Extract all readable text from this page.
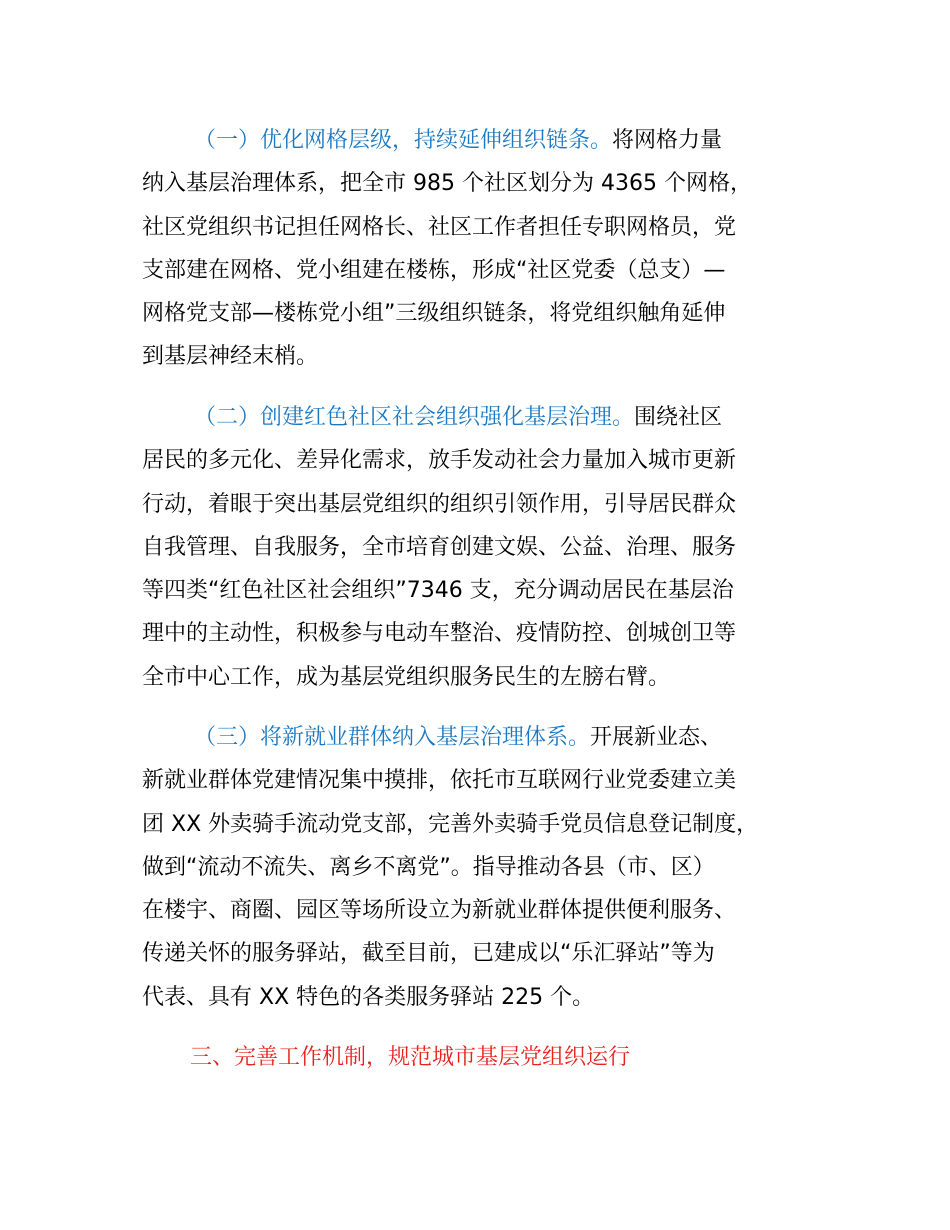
（一）优化网格层级，持续延伸组织链条。将网格力量
纳入基层治理体系，把全市 985 个社区划分为 4365 个网格，
社区党组织书记担任网格长、社区工作者担任专职网格员，党
支部建在网格、党小组建在楼栋，形成“社区党委（总支）—
网格党支部—楼栋党小组”三级组织链条，将党组织触角延伸
到基层神经末梢。
（二）创建红色社区社会组织强化基层治理。围绕社区
居民的多元化、差异化需求，放手发动社会力量加入城市更新
行动，着眼于突出基层党组织的组织引领作用，引导居民群众
自我管理、自我服务，全市培育创建文娱、公益、治理、服务
等四类“红色社区社会组织”7346 支，充分调动居民在基层治
理中的主动性，积极参与电动车整治、疫情防控、创城创卫等
全市中心工作，成为基层党组织服务民生的左膀右臂。
（三）将新就业群体纳入基层治理体系。开展新业态、
新就业群体党建情况集中摸排，依托市互联网行业党委建立美
团 XX 外卖骑手流动党支部，完善外卖骑手党员信息登记制度，
做到“流动不流失、离乡不离党”。指导推动各县（市、区）
在楼宇、商圈、园区等场所设立为新就业群体提供便利服务、
传递关怀的服务驿站，截至目前，已建成以“乐汇驿站”等为
代表、具有 XX 特色的各类服务驿站 225 个。
三、完善工作机制，规范城市基层党组织运行
